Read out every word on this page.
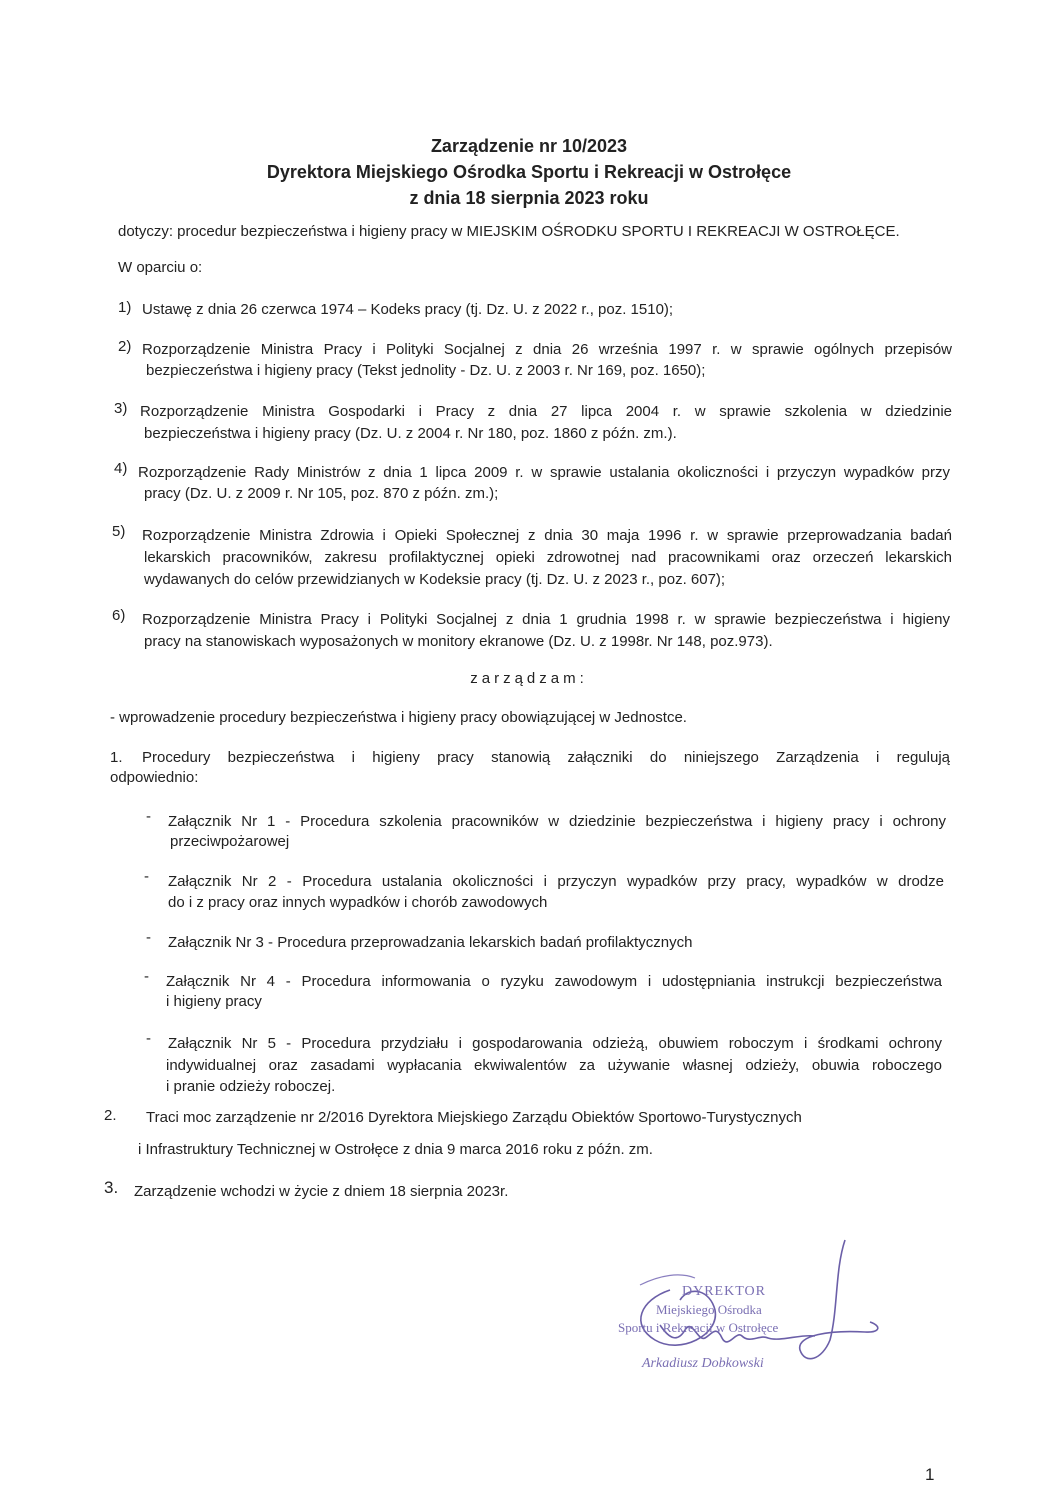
Zarządzenie nr 10/2023
Dyrektora Miejskiego Ośrodka Sportu i Rekreacji w Ostrołęce
z dnia 18 sierpnia 2023 roku
dotyczy: procedur bezpieczeństwa i higieny pracy w MIEJSKIM OŚRODKU SPORTU I REKREACJI W OSTROŁĘCE.
W oparciu o:
1) Ustawę z dnia 26 czerwca 1974 – Kodeks pracy (tj. Dz. U. z 2022 r., poz. 1510);
2) Rozporządzenie Ministra Pracy i Polityki Socjalnej z dnia 26 września 1997 r. w sprawie ogólnych przepisów
bezpieczeństwa i higieny pracy (Tekst jednolity - Dz. U. z 2003 r. Nr 169, poz. 1650);
3) Rozporządzenie Ministra Gospodarki i Pracy z dnia 27 lipca 2004 r. w sprawie szkolenia w dziedzinie
bezpieczeństwa i higieny pracy (Dz. U. z 2004 r. Nr 180, poz. 1860 z późn. zm.).
4) Rozporządzenie Rady Ministrów z dnia 1 lipca 2009 r. w sprawie ustalania okoliczności i przyczyn wypadków przy
pracy (Dz. U. z 2009 r. Nr 105, poz. 870 z późn. zm.);
5) Rozporządzenie Ministra Zdrowia i Opieki Społecznej z dnia 30 maja 1996 r. w sprawie przeprowadzania badań
lekarskich pracowników, zakresu profilaktycznej opieki zdrowotnej nad pracownikami oraz orzeczeń lekarskich
wydawanych do celów przewidzianych w Kodeksie pracy (tj. Dz. U. z 2023 r., poz. 607);
6) Rozporządzenie Ministra Pracy i Polityki Socjalnej z dnia 1 grudnia 1998 r. w sprawie bezpieczeństwa i higieny
pracy na stanowiskach wyposażonych w monitory ekranowe (Dz. U. z 1998r. Nr 148, poz.973).
zarządzam:
- wprowadzenie procedury bezpieczeństwa i higieny pracy obowiązującej w Jednostce.
1. Procedury bezpieczeństwa i higieny pracy stanowią załączniki do niniejszego Zarządzenia i regulują
odpowiednio:
- Załącznik Nr 1 - Procedura szkolenia pracowników w dziedzinie bezpieczeństwa i higieny pracy i ochrony
przeciwpożarowej
- Załącznik Nr 2 - Procedura ustalania okoliczności i przyczyn wypadków przy pracy, wypadków w drodze
do i z pracy oraz innych wypadków i chorób zawodowych
- Załącznik Nr 3 - Procedura przeprowadzania lekarskich badań profilaktycznych
- Załącznik Nr 4 - Procedura informowania o ryzyku zawodowym i udostępniania instrukcji bezpieczeństwa
i higieny pracy
- Załącznik Nr 5 - Procedura przydziału i gospodarowania odzieżą, obuwiem roboczym i środkami ochrony
indywidualnej oraz zasadami wypłacania ekwiwalentów za używanie własnej odzieży, obuwia roboczego
i pranie odzieży roboczej.
2. Traci moc zarządzenie nr 2/2016 Dyrektora Miejskiego Zarządu Obiektów Sportowo-Turystycznych
i Infrastruktury Technicznej w Ostrołęce z dnia 9 marca 2016 roku z późn. zm.
3. Zarządzenie wchodzi w życie z dniem 18 sierpnia 2023r.
DYREKTOR
Miejskiego Ośrodka
Sportu i Rekreacji w Ostrołęce
Arkadiusz Dobkowski
1
